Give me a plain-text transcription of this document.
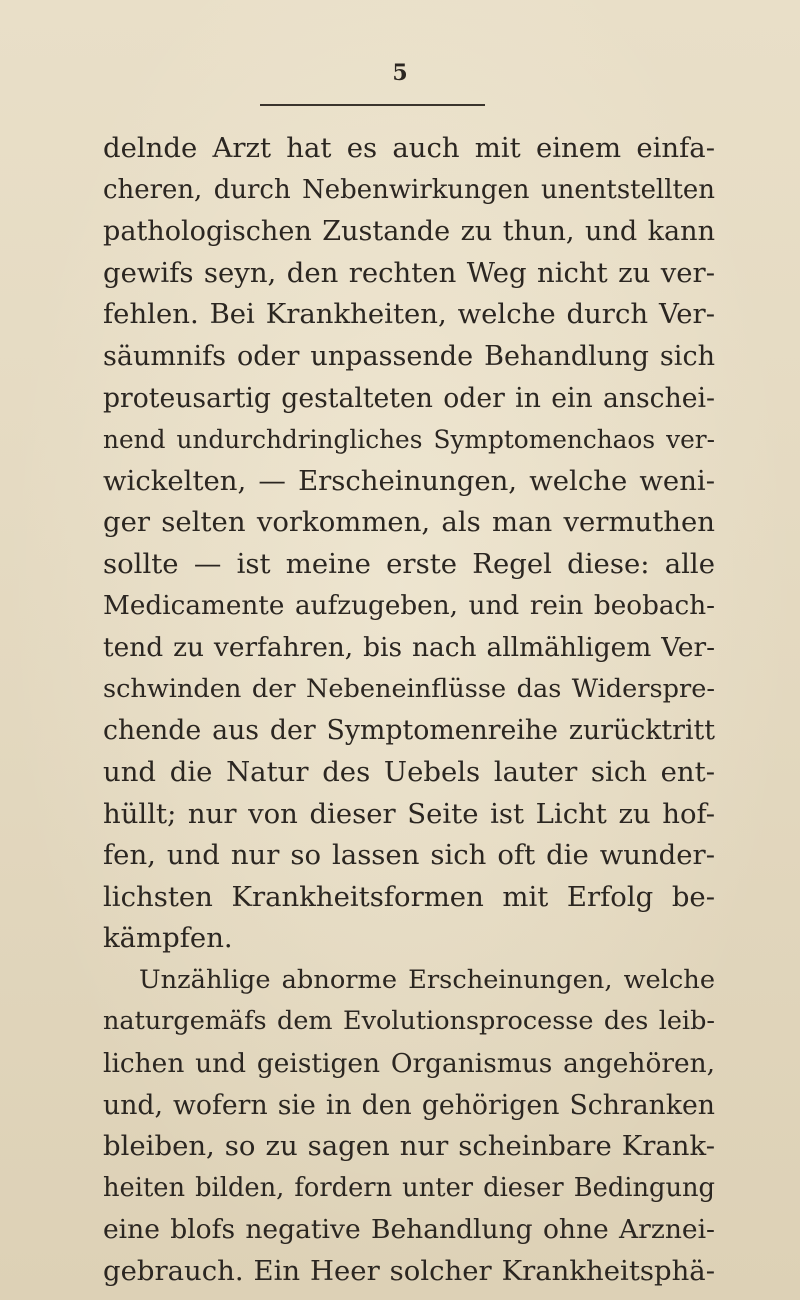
5
delnde Arzt hat es auch mit einem einfa-
cheren, durch Nebenwirkungen unentstellten
pathologischen Zustande zu thun, und kann
gewifs seyn, den rechten Weg nicht zu ver-
fehlen. Bei Krankheiten, welche durch Ver-
säumnifs oder unpassende Behandlung sich
proteusartig gestalteten oder in ein anschei-
nend undurchdringliches Symptomenchaos ver-
wickelten, — Erscheinungen, welche weni-
ger selten vorkommen, als man vermuthen
sollte — ist meine erste Regel diese: alle
Medicamente aufzugeben, und rein beobach-
tend zu verfahren, bis nach allmähligem Ver-
schwinden der Nebeneinflüsse das Widerspre-
chende aus der Symptomenreihe zurücktritt
und die Natur des Uebels lauter sich ent-
hüllt; nur von dieser Seite ist Licht zu hof-
fen, und nur so lassen sich oft die wunder-
lichsten Krankheitsformen mit Erfolg be-
kämpfen.
Unzählige abnorme Erscheinungen, welche
naturgemäfs dem Evolutionsprocesse des leib-
lichen und geistigen Organismus angehören,
und, wofern sie in den gehörigen Schranken
bleiben, so zu sagen nur scheinbare Krank-
heiten bilden, fordern unter dieser Bedingung
eine blofs negative Behandlung ohne Arznei-
gebrauch. Ein Heer solcher Krankheitsphä-
